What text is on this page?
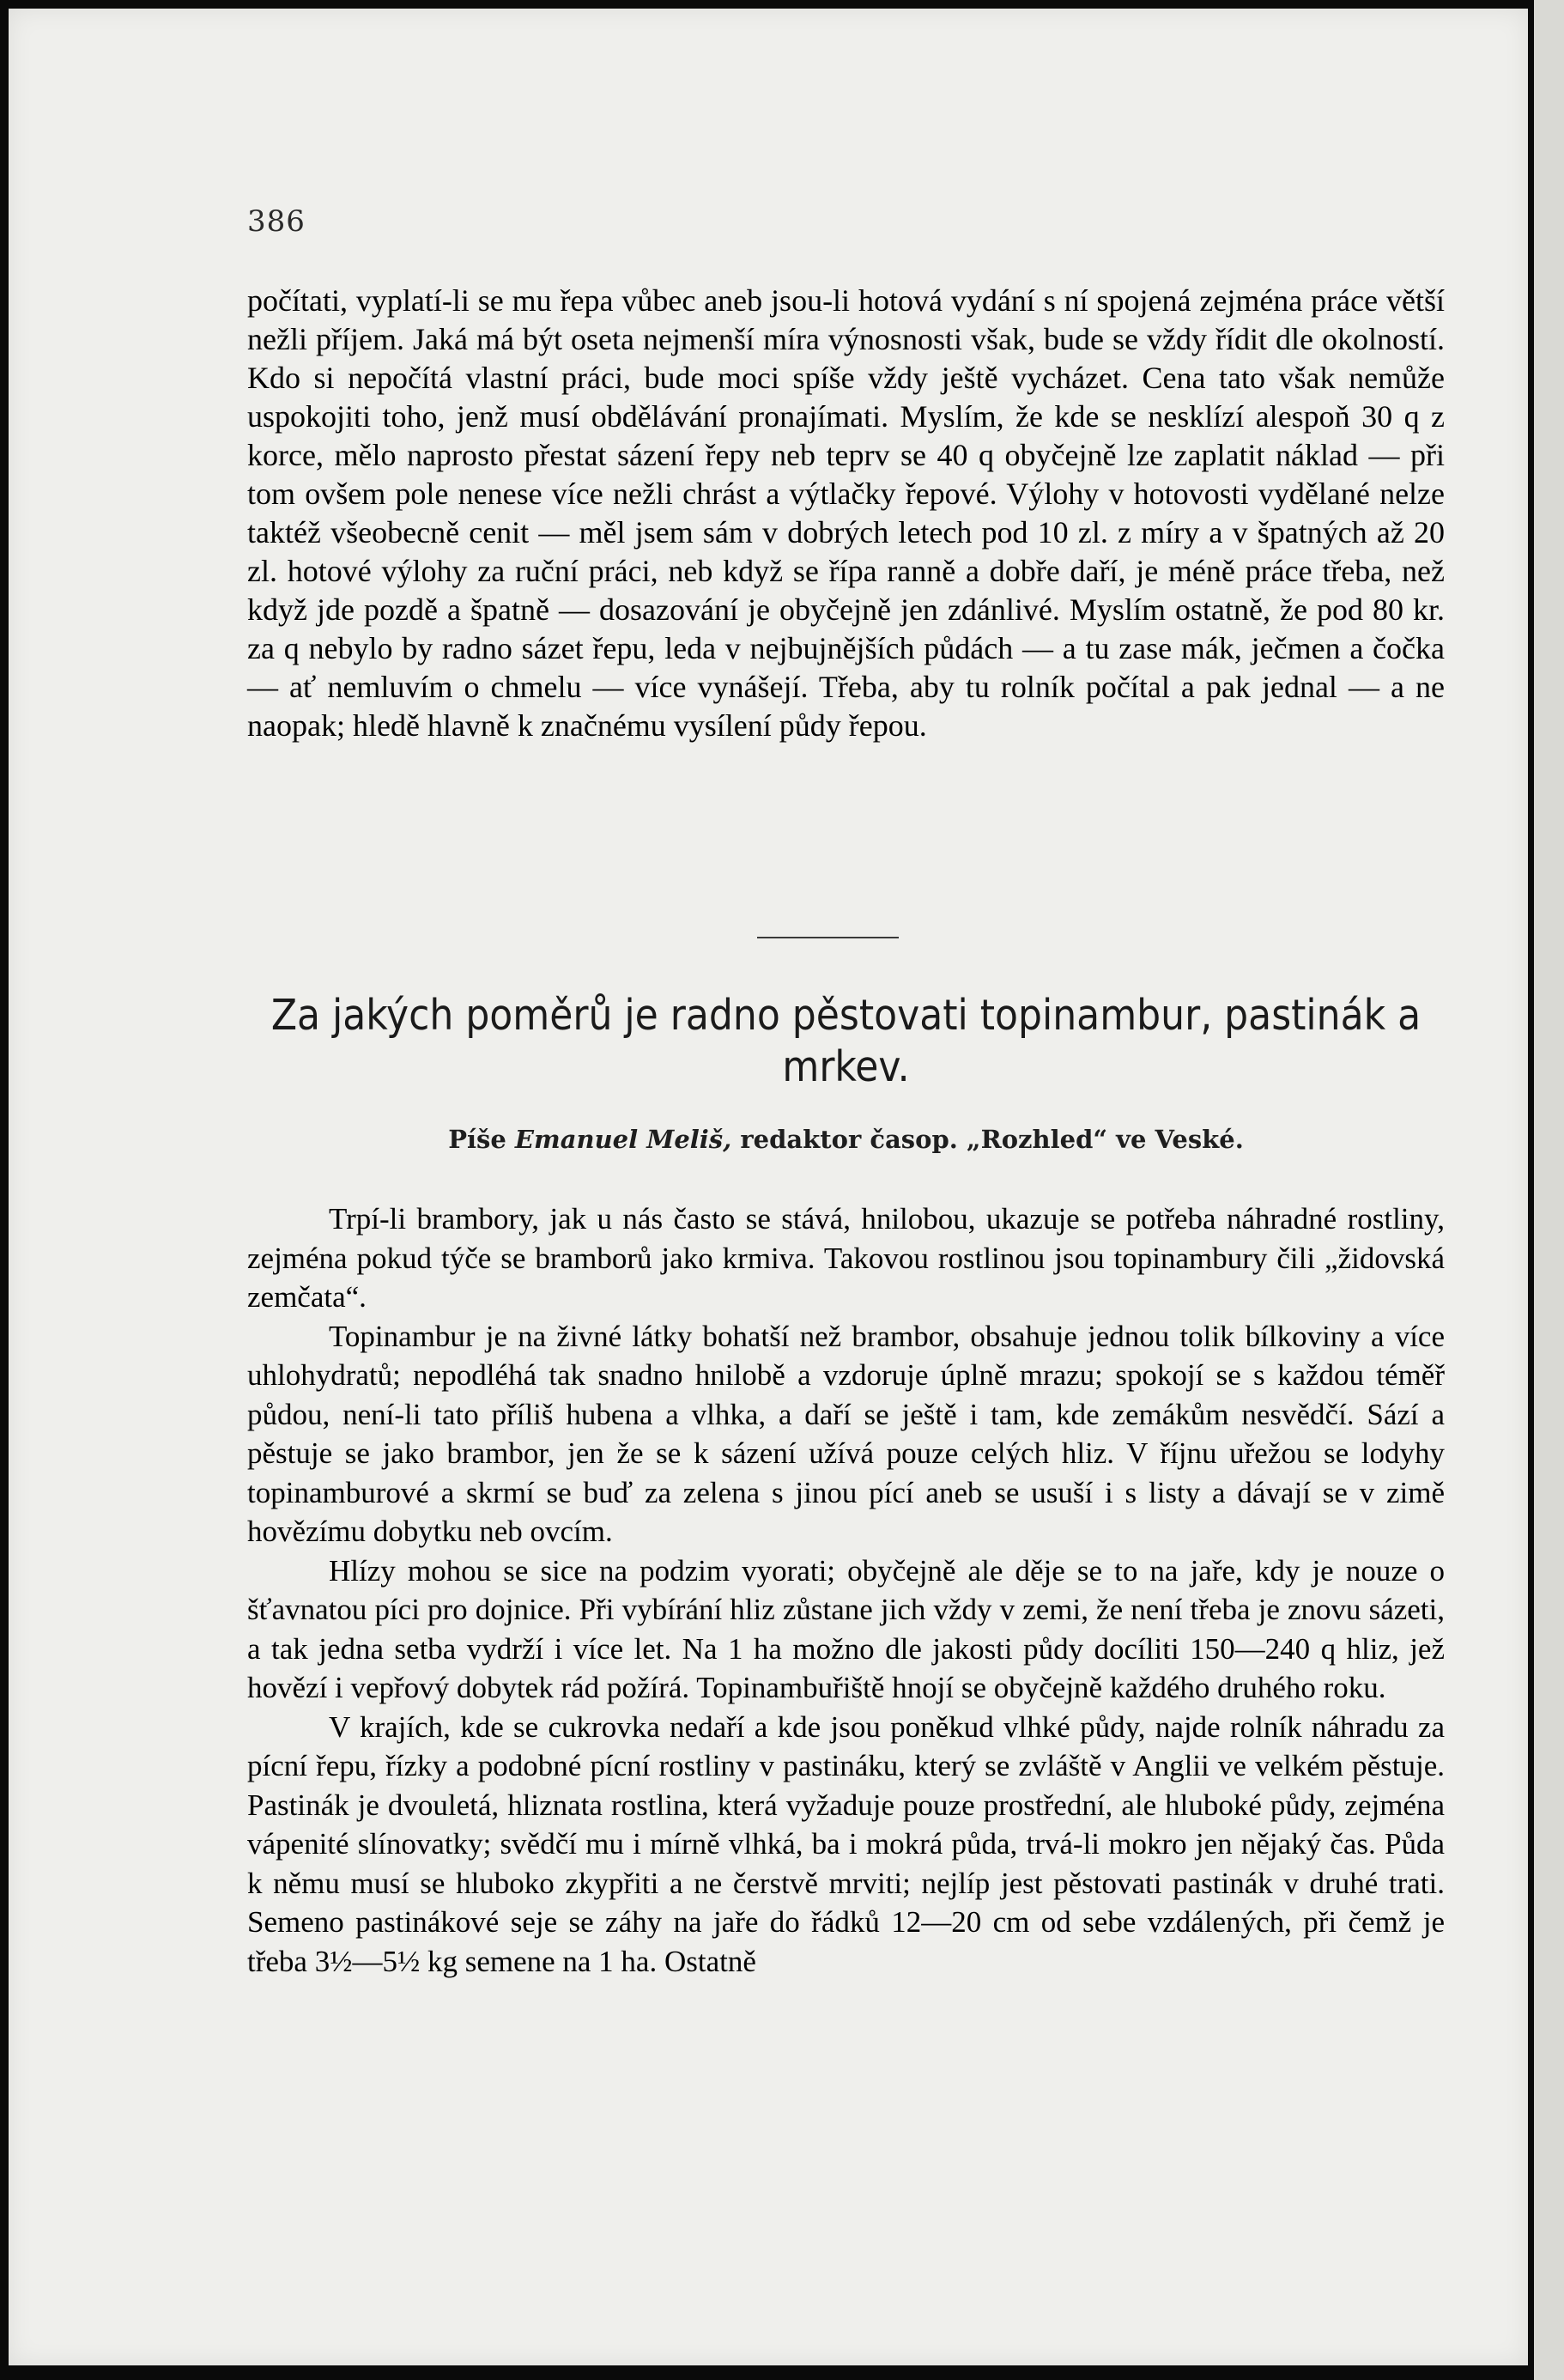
386

počítati, vyplatí-li se mu řepa vůbec aneb jsou-li hotová vydání s ní spojená zejména práce větší nežli příjem. Jaká má být oseta nejmenší míra výnosnosti však, bude se vždy řídit dle okolností. Kdo si nepočítá vlastní práci, bude moci spíše vždy ještě vycházet. Cena tato však nemůže uspokojiti toho, jenž musí obdělávání pronajímati. Myslím, že kde se nesklízí alespoň 30 q z korce, mělo naprosto přestat sázení řepy neb teprv se 40 q obyčejně lze zaplatit náklad — při tom ovšem pole nenese více nežli chrást a výtlačky řepové. Výlohy v hotovosti vydělané nelze taktéž všeobecně cenit — měl jsem sám v dobrých letech pod 10 zl. z míry a v špatných až 20 zl. hotové výlohy za ruční práci, neb když se řípa ranně a dobře daří, je méně práce třeba, než když jde pozdě a špatně — dosazování je obyčejně jen zdánlivé. Myslím ostatně, že pod 80 kr. za q nebylo by radno sázet řepu, leda v nejbujnějších půdách — a tu zase mák, ječmen a čočka — ať nemluvím o chmelu — více vynášejí. Třeba, aby tu rolník počítal a pak jednal — a ne naopak; hledě hlavně k značnému vysílení půdy řepou.

Za jakých poměrů je radno pěstovati topinambur, pastinák a mrkev.
Píše Emanuel Meliš, redaktor časop. „Rozhled“ ve Veské.

Trpí-li brambory, jak u nás často se stává, hnilobou, ukazuje se potřeba náhradné rostliny, zejména pokud týče se bramborů jako krmiva. Takovou rostlinou jsou topinambury čili „židovská zemčata“.

Topinambur je na živné látky bohatší než brambor, obsahuje jednou tolik bílkoviny a více uhlohydratů; nepodléhá tak snadno hnilobě a vzdoruje úplně mrazu; spokojí se s každou téměř půdou, není-li tato příliš hubena a vlhka, a daří se ještě i tam, kde zemákům nesvědčí. Sází a pěstuje se jako brambor, jen že se k sázení užívá pouze celých hliz. V říjnu uřežou se lodyhy topinamburové a skrmí se buď za zelena s jinou pící aneb se usuší i s listy a dávají se v zimě hovězímu dobytku neb ovcím.

Hlízy mohou se sice na podzim vyorati; obyčejně ale děje se to na jaře, kdy je nouze o šťavnatou píci pro dojnice. Při vybírání hliz zůstane jich vždy v zemi, že není třeba je znovu sázeti, a tak jedna setba vydrží i více let. Na 1 ha možno dle jakosti půdy docíliti 150—240 q hliz, jež hovězí i vepřový dobytek rád požírá. Topinambuřiště hnojí se obyčejně každého druhého roku.

V krajích, kde se cukrovka nedaří a kde jsou poněkud vlhké půdy, najde rolník náhradu za pícní řepu, řízky a podobné pícní rostliny v pastináku, který se zvláště v Anglii ve velkém pěstuje. Pastinák je dvouletá, hliznata rostlina, která vyžaduje pouze prostřední, ale hluboké půdy, zejména vápenité slínovatky; svědčí mu i mírně vlhká, ba i mokrá půda, trvá-li mokro jen nějaký čas. Půda k němu musí se hluboko zkypřiti a ne čerstvě mrviti; nejlíp jest pěstovati pastinák v druhé trati. Semeno pastinákové seje se záhy na jaře do řádků 12—20 cm od sebe vzdálených, při čemž je třeba 3½—5½ kg semene na 1 ha. Ostatně
